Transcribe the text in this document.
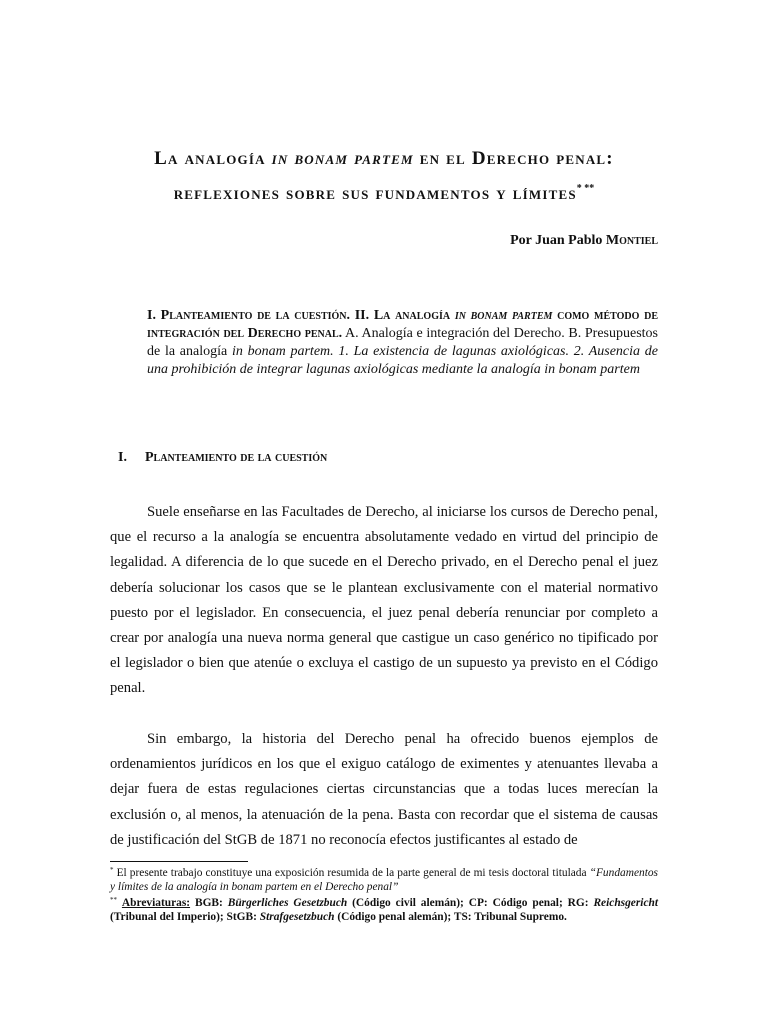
La analogía in bonam partem en el Derecho penal:
reflexiones sobre sus fundamentos y límites* **
Por Juan Pablo Montiel
I. Planteamiento de la cuestión. II. La analogía in bonam partem como método de integración del Derecho penal. A. Analogía e integración del Derecho. B. Presupuestos de la analogía in bonam partem. 1. La existencia de lagunas axiológicas. 2. Ausencia de una prohibición de integrar lagunas axiológicas mediante la analogía in bonam partem
I. Planteamiento de la cuestión

Suele enseñarse en las Facultades de Derecho, al iniciarse los cursos de Derecho penal, que el recurso a la analogía se encuentra absolutamente vedado en virtud del principio de legalidad. A diferencia de lo que sucede en el Derecho privado, en el Derecho penal el juez debería solucionar los casos que se le plantean exclusivamente con el material normativo puesto por el legislador. En consecuencia, el juez penal debería renunciar por completo a crear por analogía una nueva norma general que castigue un caso genérico no tipificado por el legislador o bien que atenúe o excluya el castigo de un supuesto ya previsto en el Código penal.

Sin embargo, la historia del Derecho penal ha ofrecido buenos ejemplos de ordenamientos jurídicos en los que el exiguo catálogo de eximentes y atenuantes llevaba a dejar fuera de estas regulaciones ciertas circunstancias que a todas luces merecían la exclusión o, al menos, la atenuación de la pena. Basta con recordar que el sistema de causas de justificación del StGB de 1871 no reconocía efectos justificantes al estado de

* El presente trabajo constituye una exposición resumida de la parte general de mi tesis doctoral titulada “Fundamentos y límites de la analogía in bonam partem en el Derecho penal”

** Abreviaturas: BGB: Bürgerliches Gesetzbuch (Código civil alemán); CP: Código penal; RG: Reichsgericht (Tribunal del Imperio); StGB: Strafgesetzbuch (Código penal alemán); TS: Tribunal Supremo.
